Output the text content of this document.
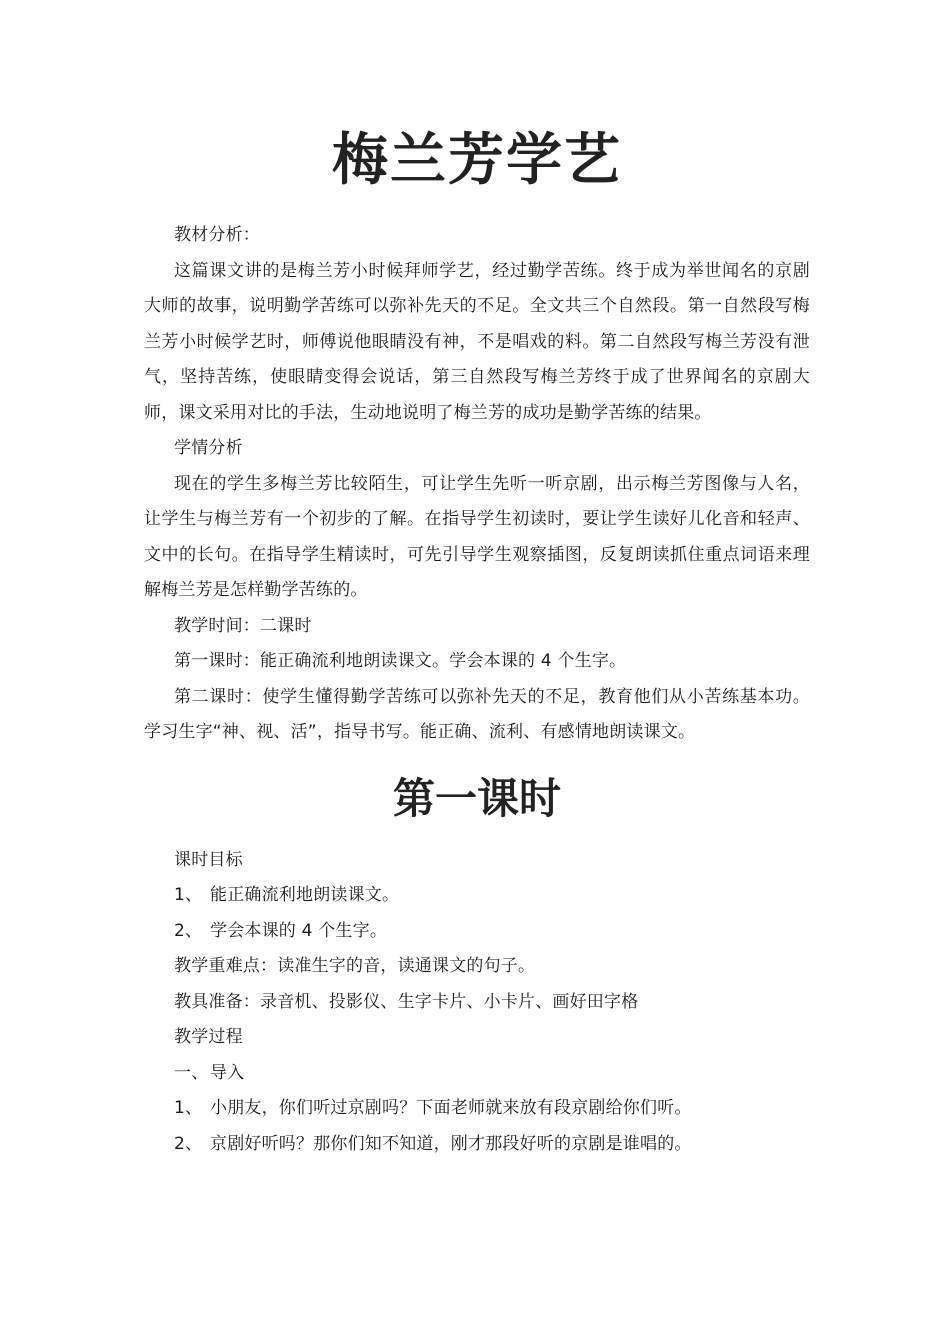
梅兰芳学艺

教材分析：

这篇课文讲的是梅兰芳小时候拜师学艺，经过勤学苦练。终于成为举世闻名的京剧大师的故事，说明勤学苦练可以弥补先天的不足。全文共三个自然段。第一自然段写梅兰芳小时候学艺时，师傅说他眼睛没有神，不是唱戏的料。第二自然段写梅兰芳没有泄气，坚持苦练，使眼睛变得会说话，第三自然段写梅兰芳终于成了世界闻名的京剧大师，课文采用对比的手法，生动地说明了梅兰芳的成功是勤学苦练的结果。

学情分析

现在的学生多梅兰芳比较陌生，可让学生先听一听京剧，出示梅兰芳图像与人名，让学生与梅兰芳有一个初步的了解。在指导学生初读时，要让学生读好儿化音和轻声、文中的长句。在指导学生精读时，可先引导学生观察插图，反复朗读抓住重点词语来理解梅兰芳是怎样勤学苦练的。

教学时间：二课时

第一课时：能正确流利地朗读课文。学会本课的 4 个生字。

第二课时：使学生懂得勤学苦练可以弥补先天的不足，教育他们从小苦练基本功。学习生字“神、视、活”，指导书写。能正确、流利、有感情地朗读课文。

第一课时

课时目标

1、 能正确流利地朗读课文。

2、 学会本课的 4 个生字。

教学重难点：读准生字的音，读通课文的句子。

教具准备：录音机、投影仪、生字卡片、小卡片、画好田字格

教学过程

一、导入

1、 小朋友，你们听过京剧吗？下面老师就来放有段京剧给你们听。

2、 京剧好听吗？那你们知不知道，刚才那段好听的京剧是谁唱的。
